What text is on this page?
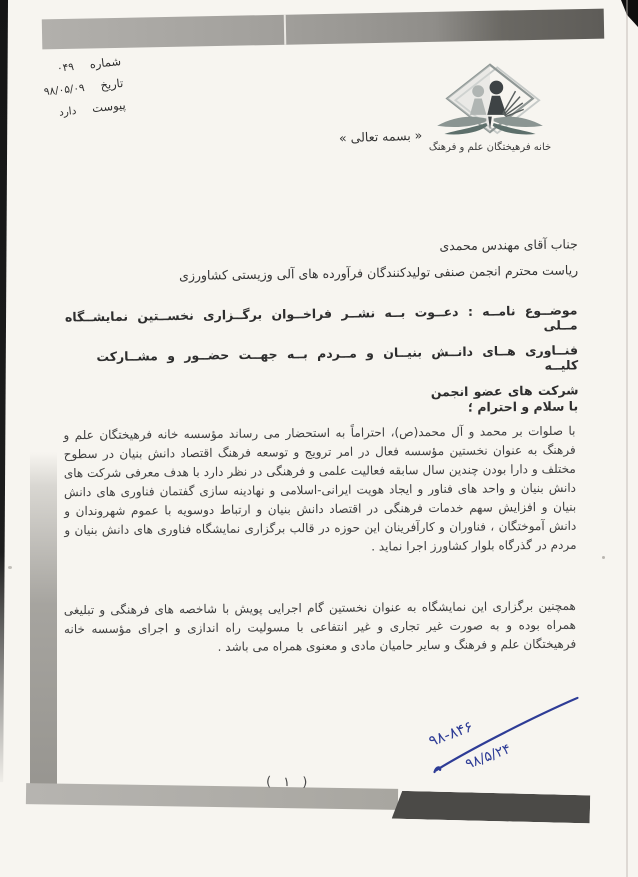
شماره
۰۴۹
تاریخ
۹۸/۰۵/۰۹
پیوست
دارد
« بسمه تعالی »
خانه فرهیختگان علم و فرهنگ
جناب آقای مهندس محمدی
ریاست محترم انجمن صنفی تولیدکنندگان فرآورده های آلی وزیستی کشاورزی
موضــوع نامــه : دعــوت بــه نشــر فراخــوان برگــزاری نخســتین نمایشــگاه مــلی
فنــاوری هــای دانــش بنیــان و مــردم بــه جهــت حضــور و مشــارکت کلیــه
شرکت های عضو انجمن
با سلام و احترام ؛
با صلوات بر محمد و آل محمد(ص)، احتراماً به استحضار می رساند مؤسسه خانه فرهیختگان علم و فرهنگ به عنوان نخستین مؤسسه فعال در امر ترویج و توسعه فرهنگ اقتصاد دانش بنیان در سطوح مختلف و دارا بودن چندین سال سابقه فعالیت علمی و فرهنگی در نظر دارد با هدف معرفی شرکت های دانش بنیان و واحد های فناور و ایجاد هویت ایرانی-اسلامی و نهادینه سازی گفتمان فناوری های دانش بنیان و افزایش سهم خدمات فرهنگی در اقتصاد دانش بنیان و ارتباط دوسویه با عموم شهروندان و دانش آموختگان ، فناوران و کارآفرینان این حوزه در قالب برگزاری نمایشگاه فناوری های دانش بنیان و مردم در گذرگاه بلوار کشاورز اجرا نماید .
همچنین برگزاری این نمایشگاه به عنوان نخستین گام اجرایی پویش با شاخصه های فرهنگی و تبلیغی همراه بوده و به صورت غیر تجاری و غیر انتفاعی با مسولیت راه اندازی و اجرای مؤسسه خانه فرهیختگان علم و فرهنگ و سایر حامیان مادی و معنوی همراه می باشد .
۹۸-۸۴۶
۹۸/۵/۲۴
( ۱ )
